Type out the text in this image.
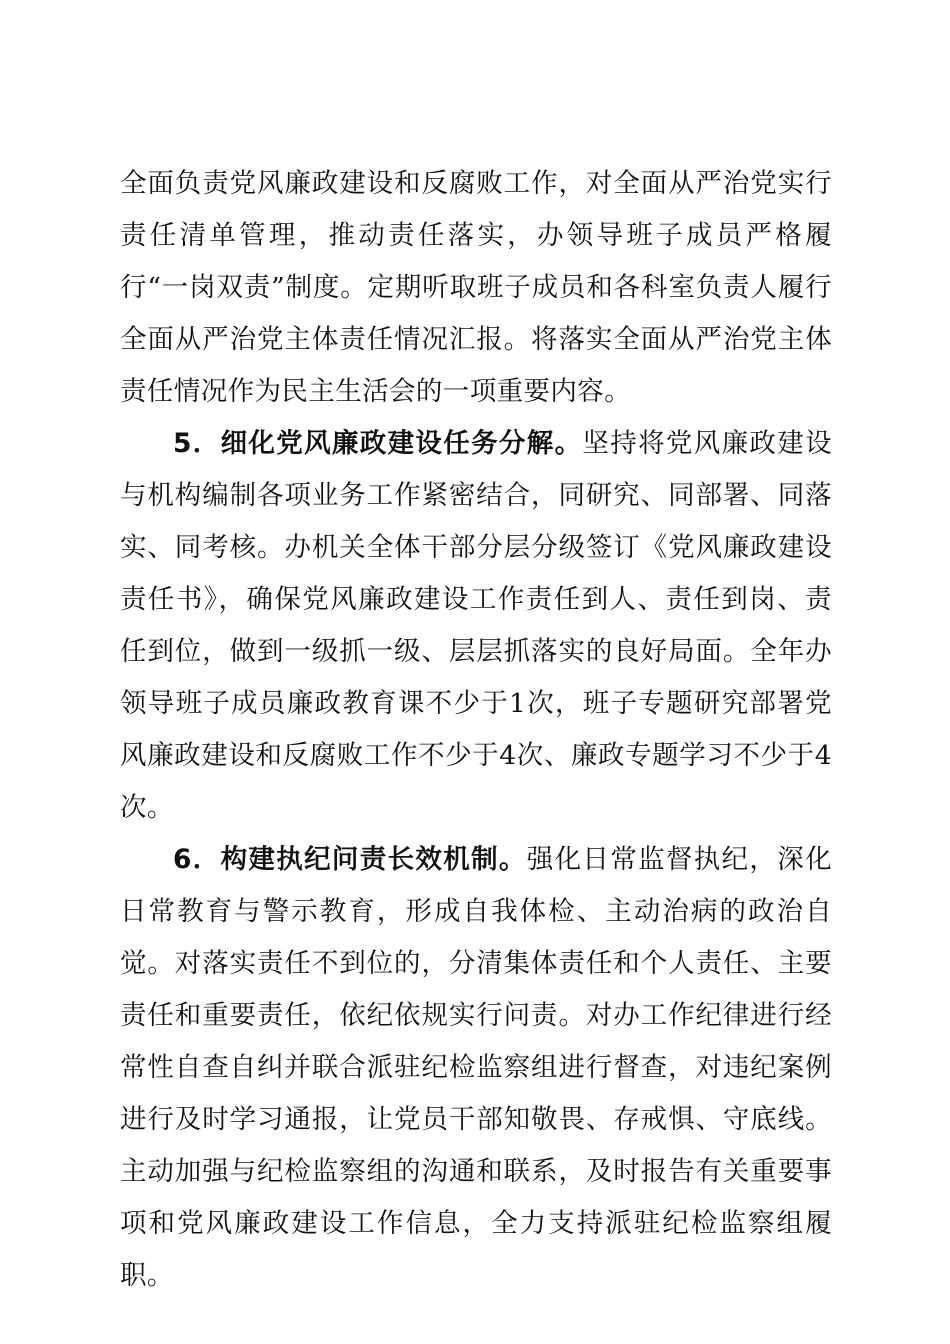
全面负责党风廉政建设和反腐败工作，对全面从严治党实行责任清单管理，推动责任落实，办领导班子成员严格履行“一岗双责”制度。定期听取班子成员和各科室负责人履行全面从严治党主体责任情况汇报。将落实全面从严治党主体责任情况作为民主生活会的一项重要内容。

5．细化党风廉政建设任务分解。坚持将党风廉政建设与机构编制各项业务工作紧密结合，同研究、同部署、同落实、同考核。办机关全体干部分层分级签订《党风廉政建设责任书》，确保党风廉政建设工作责任到人、责任到岗、责任到位，做到一级抓一级、层层抓落实的良好局面。全年办领导班子成员廉政教育课不少于1次，班子专题研究部署党风廉政建设和反腐败工作不少于4次、廉政专题学习不少于4次。

6．构建执纪问责长效机制。强化日常监督执纪，深化日常教育与警示教育，形成自我体检、主动治病的政治自觉。对落实责任不到位的，分清集体责任和个人责任、主要责任和重要责任，依纪依规实行问责。对办工作纪律进行经常性自查自纠并联合派驻纪检监察组进行督查，对违纪案例进行及时学习通报，让党员干部知敬畏、存戒惧、守底线。主动加强与纪检监察组的沟通和联系，及时报告有关重要事项和党风廉政建设工作信息，全力支持派驻纪检监察组履职。
